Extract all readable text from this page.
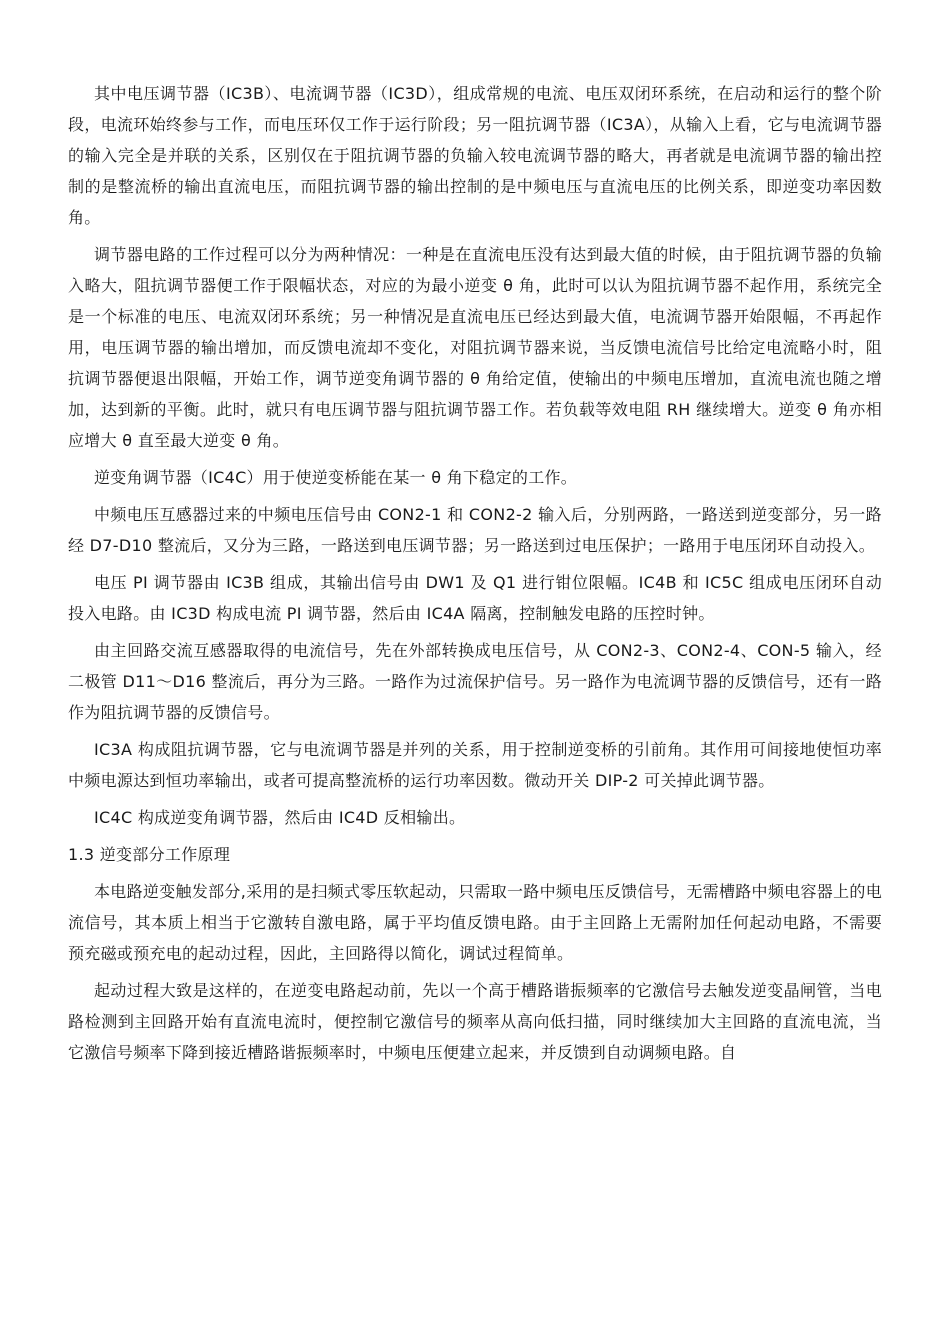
其中电压调节器（IC3B）、电流调节器（IC3D），组成常规的电流、电压双闭环系统，在启动和运行的整个阶段，电流环始终参与工作，而电压环仅工作于运行阶段；另一阻抗调节器（IC3A），从输入上看，它与电流调节器的输入完全是并联的关系，区别仅在于阻抗调节器的负输入较电流调节器的略大，再者就是电流调节器的输出控制的是整流桥的输出直流电压，而阻抗调节器的输出控制的是中频电压与直流电压的比例关系，即逆变功率因数角。

调节器电路的工作过程可以分为两种情况：一种是在直流电压没有达到最大值的时候，由于阻抗调节器的负输入略大，阻抗调节器便工作于限幅状态，对应的为最小逆变 θ 角，此时可以认为阻抗调节器不起作用，系统完全是一个标准的电压、电流双闭环系统；另一种情况是直流电压已经达到最大值，电流调节器开始限幅，不再起作用，电压调节器的输出增加，而反馈电流却不变化，对阻抗调节器来说，当反馈电流信号比给定电流略小时，阻抗调节器便退出限幅，开始工作，调节逆变角调节器的 θ 角给定值，使输出的中频电压增加，直流电流也随之增加，达到新的平衡。此时，就只有电压调节器与阻抗调节器工作。若负载等效电阻 RH 继续增大。逆变 θ 角亦相应增大 θ 直至最大逆变 θ 角。

逆变角调节器（IC4C）用于使逆变桥能在某一 θ 角下稳定的工作。

中频电压互感器过来的中频电压信号由 CON2-1 和 CON2-2 输入后，分别两路，一路送到逆变部分，另一路经 D7-D10 整流后，又分为三路，一路送到电压调节器；另一路送到过电压保护；一路用于电压闭环自动投入。

电压 PI 调节器由 IC3B 组成，其输出信号由 DW1 及 Q1 进行钳位限幅。IC4B 和 IC5C 组成电压闭环自动投入电路。由 IC3D 构成电流 PI 调节器，然后由 IC4A 隔离，控制触发电路的压控时钟。

由主回路交流互感器取得的电流信号，先在外部转换成电压信号，从 CON2-3、CON2-4、CON-5 输入，经二极管 D11～D16 整流后，再分为三路。一路作为过流保护信号。另一路作为电流调节器的反馈信号，还有一路作为阻抗调节器的反馈信号。

IC3A 构成阻抗调节器，它与电流调节器是并列的关系，用于控制逆变桥的引前角。其作用可间接地使恒功率中频电源达到恒功率输出，或者可提高整流桥的运行功率因数。微动开关 DIP-2 可关掉此调节器。

IC4C 构成逆变角调节器，然后由 IC4D 反相输出。

1.3 逆变部分工作原理

本电路逆变触发部分,采用的是扫频式零压软起动，只需取一路中频电压反馈信号，无需槽路中频电容器上的电流信号，其本质上相当于它激转自激电路，属于平均值反馈电路。由于主回路上无需附加任何起动电路，不需要预充磁或预充电的起动过程，因此，主回路得以简化，调试过程简单。

起动过程大致是这样的，在逆变电路起动前，先以一个高于槽路谐振频率的它激信号去触发逆变晶闸管，当电路检测到主回路开始有直流电流时，便控制它激信号的频率从高向低扫描，同时继续加大主回路的直流电流，当它激信号频率下降到接近槽路谐振频率时，中频电压便建立起来，并反馈到自动调频电路。自
